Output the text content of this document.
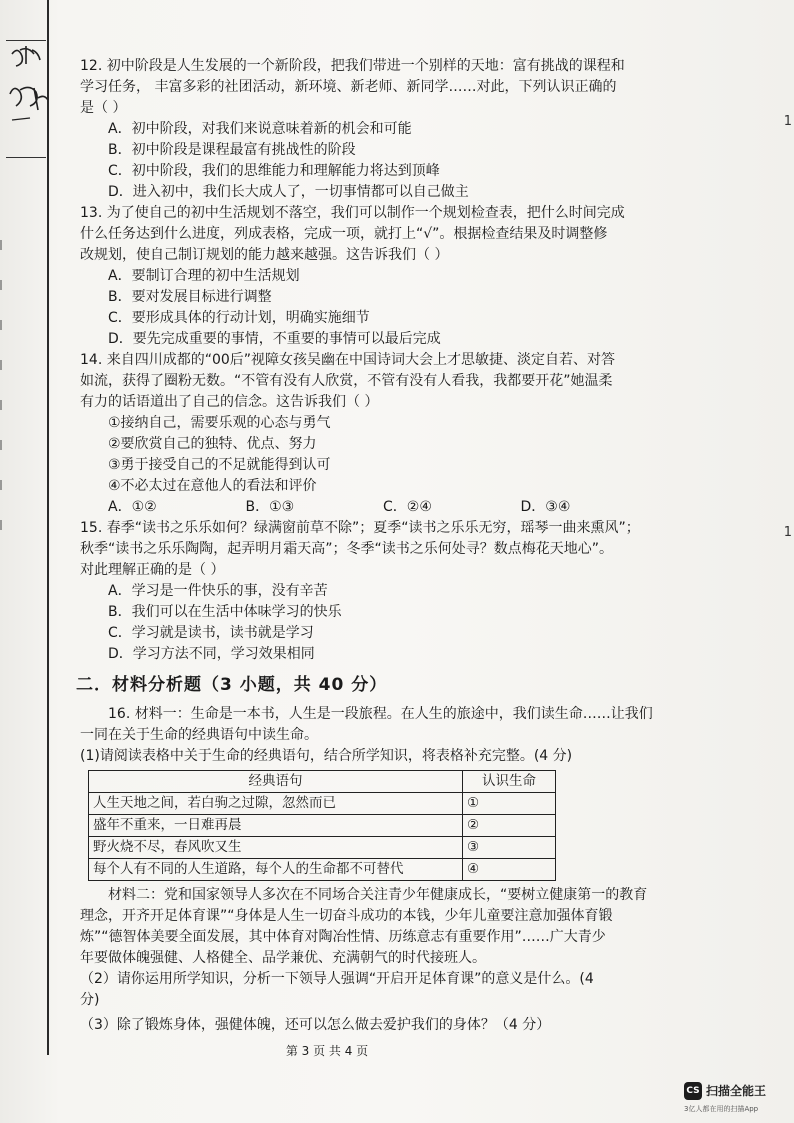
1
1

12. 初中阶段是人生发展的一个新阶段，把我们带进一个别样的天地：富有挑战的课程和

学习任务， 丰富多彩的社团活动，新环境、新老师、新同学……对此，下列认识正确的

是（ ）

A．初中阶段，对我们来说意味着新的机会和可能

B．初中阶段是课程最富有挑战性的阶段

C．初中阶段，我们的思维能力和理解能力将达到顶峰

D．进入初中，我们长大成人了，一切事情都可以自己做主

13. 为了使自己的初中生活规划不落空，我们可以制作一个规划检查表，把什么时间完成

什么任务达到什么进度，列成表格，完成一项，就打上“√”。根据检查结果及时调整修

改规划，使自己制订规划的能力越来越强。这告诉我们（ ）

A．要制订合理的初中生活规划

B．要对发展目标进行调整

C．要形成具体的行动计划，明确实施细节

D．要先完成重要的事情，不重要的事情可以最后完成

14. 来自四川成都的“00后”视障女孩吴幽在中国诗词大会上才思敏捷、淡定自若、对答

如流，获得了圈粉无数。“不管有没有人欣赏，不管有没有人看我，我都要开花”她温柔

有力的话语道出了自己的信念。这告诉我们（ ）

①接纳自己，需要乐观的心态与勇气

②要欣赏自己的独特、优点、努力

③勇于接受自己的不足就能得到认可

④不必太过在意他人的看法和评价

A．①②	B．①③	C．②④	D．③④

15. 春季“读书之乐乐如何？绿满窗前草不除”；夏季“读书之乐乐无穷，瑶琴一曲来熏风”；

秋季“读书之乐乐陶陶，起弄明月霜天高”；冬季“读书之乐何处寻？数点梅花天地心”。

对此理解正确的是（ ）

A．学习是一件快乐的事，没有辛苦

B．我们可以在生活中体味学习的快乐

C．学习就是读书，读书就是学习

D．学习方法不同，学习效果相同

二．材料分析题（3 小题，共 40 分）

16. 材料一：生命是一本书，人生是一段旅程。在人生的旅途中，我们读生命……让我们

一同在关于生命的经典语句中读生命。

(1)请阅读表格中关于生命的经典语句，结合所学知识，将表格补充完整。(4 分)

经典语句	认识生命
人生天地之间，若白驹之过隙，忽然而已	①
盛年不重来，一日难再晨	②
野火烧不尽，春风吹又生	③
每个人有不同的人生道路，每个人的生命都不可替代	④

材料二：党和国家领导人多次在不同场合关注青少年健康成长，“要树立健康第一的教育

理念，开齐开足体育课”“身体是人生一切奋斗成功的本钱，少年儿童要注意加强体育锻

炼”“德智体美要全面发展，其中体育对陶冶性情、历练意志有重要作用”……广大青少

年要做体魄强健、人格健全、品学兼优、充满朝气的时代接班人。

（2）请你运用所学知识，分析一下领导人强调“开启开足体育课”的意义是什么。(4

分)

（3）除了锻炼身体，强健体魄，还可以怎么做去爱护我们的身体？（4 分）

第 3 页 共 4 页
CS 扫描全能王
3亿人都在用的扫描App
